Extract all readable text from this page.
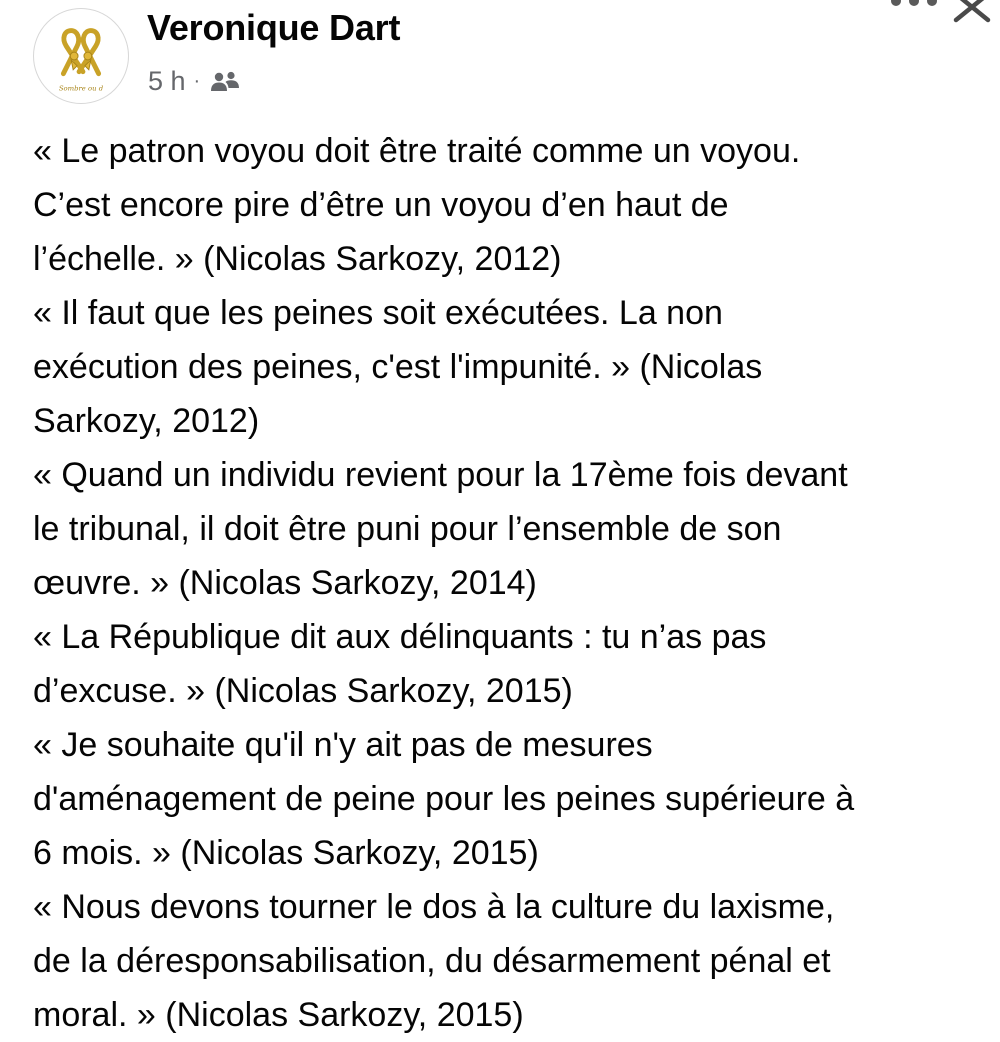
Sombre ou d
Veronique Dart
5 h ·
« Le patron voyou doit être traité comme un voyou.
C’est encore pire d’être un voyou d’en haut de
l’échelle. » (Nicolas Sarkozy, 2012)
« Il faut que les peines soit exécutées. La non
exécution des peines, c'est l'impunité. » (Nicolas
Sarkozy, 2012)
« Quand un individu revient pour la 17ème fois devant
le tribunal, il doit être puni pour l’ensemble de son
œuvre. » (Nicolas Sarkozy, 2014)
« La République dit aux délinquants : tu n’as pas
d’excuse. » (Nicolas Sarkozy, 2015)
« Je souhaite qu'il n'y ait pas de mesures
d'aménagement de peine pour les peines supérieure à
6 mois. » (Nicolas Sarkozy, 2015)
« Nous devons tourner le dos à la culture du laxisme,
de la déresponsabilisation, du désarmement pénal et
moral. » (Nicolas Sarkozy, 2015)
